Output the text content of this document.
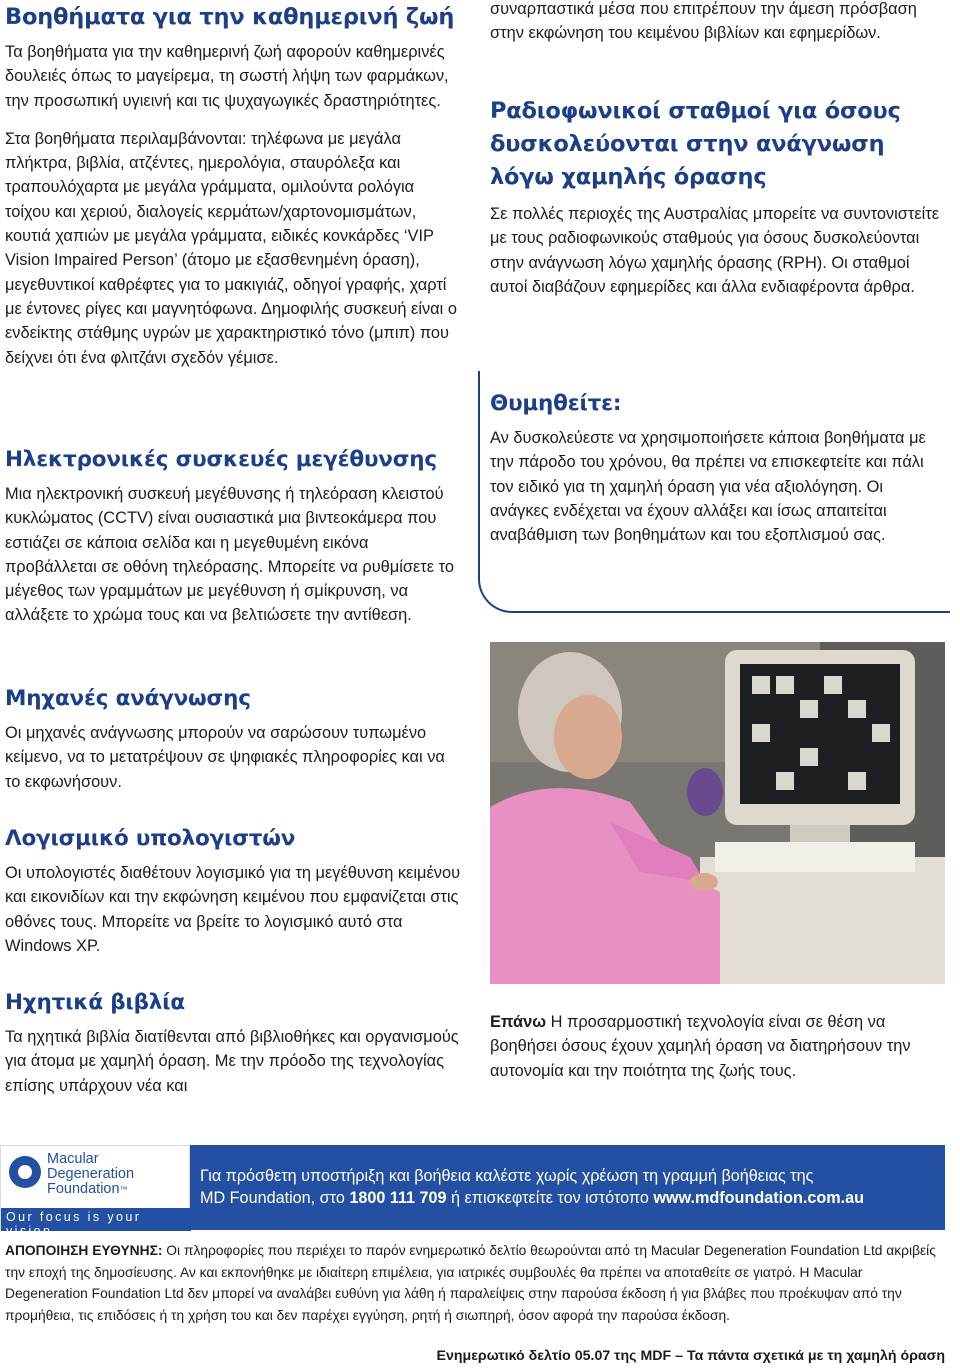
Βοηθήματα για την καθημερινή ζωή

Τα βοηθήματα για την καθημερινή ζωή αφορούν καθημερινές δουλειές όπως το μαγείρεμα, τη σωστή λήψη των φαρμάκων, την προσωπική υγιεινή και τις ψυχαγωγικές δραστηριότητες.

Στα βοηθήματα περιλαμβάνονται: τηλέφωνα με μεγάλα πλήκτρα, βιβλία, ατζέντες, ημερολόγια, σταυρόλεξα και τραπουλόχαρτα με μεγάλα γράμματα, ομιλούντα ρολόγια τοίχου και χεριού, διαλογείς κερμάτων/χαρτονομισμάτων, κουτιά χαπιών με μεγάλα γράμματα, ειδικές κονκάρδες ‘VIP Vision Impaired Person’ (άτομο με εξασθενημένη όραση), μεγεθυντικοί καθρέφτες για το μακιγιάζ, οδηγοί γραφής, χαρτί με έντονες ρίγες και μαγνητόφωνα. Δημοφιλής συσκευή είναι ο ενδείκτης στάθμης υγρών με χαρακτηριστικό τόνο (μπιπ) που δείχνει ότι ένα φλιτζάνι σχεδόν γέμισε.

Ηλεκτρονικές συσκευές μεγέθυνσης

Μια ηλεκτρονική συσκευή μεγέθυνσης ή τηλεόραση κλειστού κυκλώματος (CCTV) είναι ουσιαστικά μια βιντεοκάμερα που εστιάζει σε κάποια σελίδα και η μεγεθυμένη εικόνα προβάλλεται σε οθόνη τηλεόρασης. Μπορείτε να ρυθμίσετε το μέγεθος των γραμμάτων με μεγέθυνση ή σμίκρυνση, να αλλάξετε το χρώμα τους και να βελτιώσετε την αντίθεση.

Μηχανές ανάγνωσης

Οι μηχανές ανάγνωσης μπορούν να σαρώσουν τυπωμένο κείμενο, να το μετατρέψουν σε ψηφιακές πληροφορίες και να το εκφωνήσουν.

Λογισμικό υπολογιστών

Οι υπολογιστές διαθέτουν λογισμικό για τη μεγέθυνση κειμένου και εικονιδίων και την εκφώνηση κειμένου που εμφανίζεται στις οθόνες τους. Μπορείτε να βρείτε το λογισμικό αυτό στα Windows XP.

Ηχητικά βιβλία

Τα ηχητικά βιβλία διατίθενται από βιβλιοθήκες και οργανισμούς για άτομα με χαμηλή όραση. Με την πρόοδο της τεχνολογίας επίσης υπάρχουν νέα και

συναρπαστικά μέσα που επιτρέπουν την άμεση πρόσβαση στην εκφώνηση του κειμένου βιβλίων και εφημερίδων.

Ραδιοφωνικοί σταθμοί για όσους δυσκολεύονται στην ανάγνωση λόγω χαμηλής όρασης

Σε πολλές περιοχές της Αυστραλίας μπορείτε να συντονιστείτε με τους ραδιοφωνικούς σταθμούς για όσους δυσκολεύονται στην ανάγνωση λόγω χαμηλής όρασης (RPH). Οι σταθμοί αυτοί διαβάζουν εφημερίδες και άλλα ενδιαφέροντα άρθρα.

Θυμηθείτε:

Αν δυσκολεύεστε να χρησιμοποιήσετε κάποια βοηθήματα με την πάροδο του χρόνου, θα πρέπει να επισκεφτείτε και πάλι τον ειδικό για τη χαμηλή όραση για νέα αξιολόγηση. Οι ανάγκες ενδέχεται να έχουν αλλάξει και ίσως απαιτείται αναβάθμιση των βοηθημάτων και του εξοπλισμού σας.

Επάνω Η προσαρμοστική τεχνολογία είναι σε θέση να βοηθήσει όσους έχουν χαμηλή όραση να διατηρήσουν την αυτονομία και την ποιότητα της ζωής τους.

Macular
Degeneration
Foundation™
Our focus is your vision

Για πρόσθετη υποστήριξη και βοήθεια καλέστε χωρίς χρέωση τη γραμμή βοήθειας της

MD Foundation, στο 1800 111 709 ή επισκεφτείτε τον ιστότοπο www.mdfoundation.com.au

ΑΠΟΠΟΙΗΣΗ ΕΥΘΥΝΗΣ: Οι πληροφορίες που περιέχει το παρόν ενημερωτικό δελτίο θεωρούνται από τη Macular Degeneration Foundation Ltd ακριβείς την εποχή της δημοσίευσης. Αν και εκπονήθηκε με ιδιαίτερη επιμέλεια, για ιατρικές συμβουλές θα πρέπει να αποταθείτε σε γιατρό. Η Macular Degeneration Foundation Ltd δεν μπορεί να αναλάβει ευθύνη για λάθη ή παραλείψεις στην παρούσα έκδοση ή για βλάβες που προέκυψαν από την προμήθεια, τις επιδόσεις ή τη χρήση του και δεν παρέχει εγγύηση, ρητή ή σιωπηρή, όσον αφορά την παρούσα έκδοση.
Ενημερωτικό δελτίο 05.07 της MDF – Τα πάντα σχετικά με τη χαμηλή όραση
